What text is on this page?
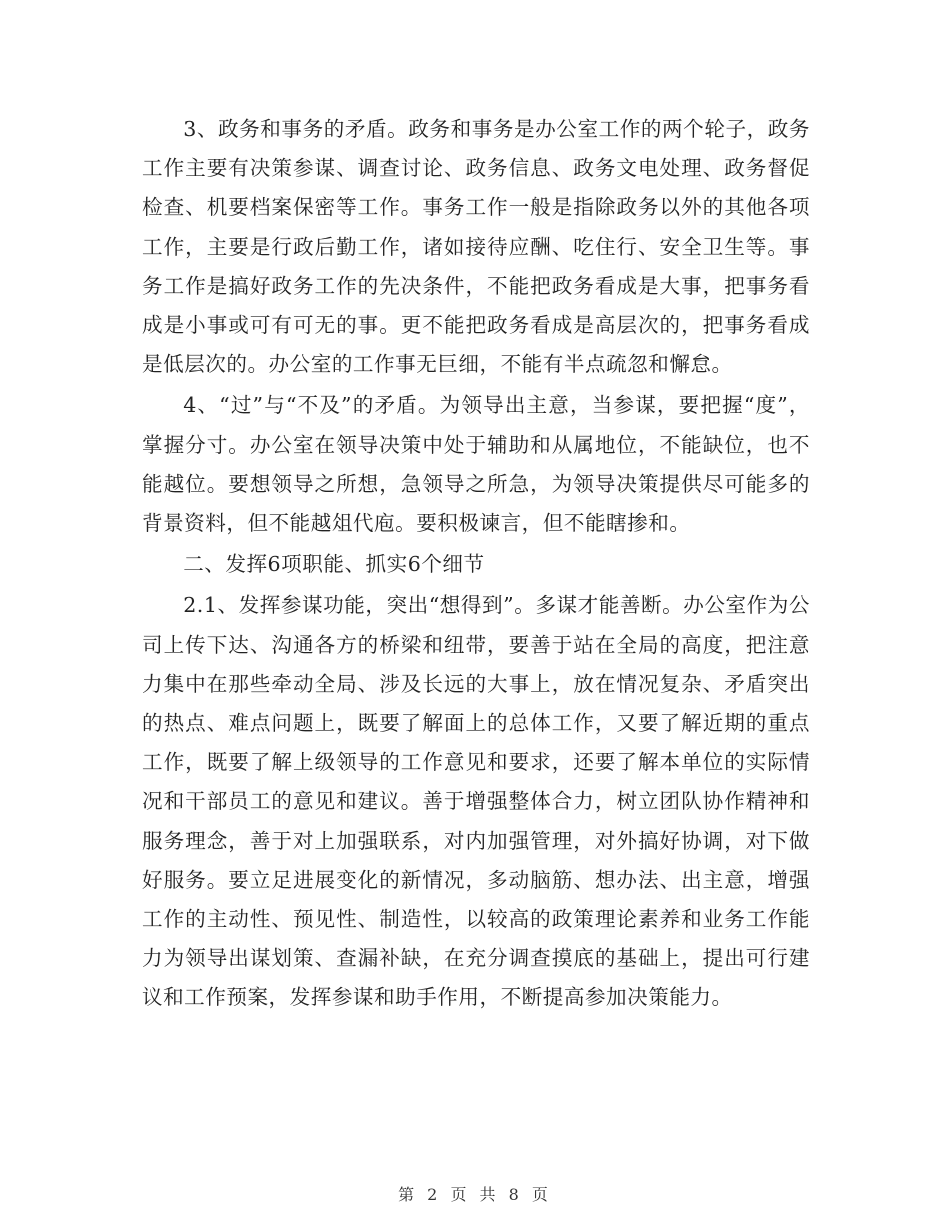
3、政务和事务的矛盾。政务和事务是办公室工作的两个轮子，政务工作主要有决策参谋、调查讨论、政务信息、政务文电处理、政务督促检查、机要档案保密等工作。事务工作一般是指除政务以外的其他各项工作，主要是行政后勤工作，诸如接待应酬、吃住行、安全卫生等。事务工作是搞好政务工作的先决条件，不能把政务看成是大事，把事务看成是小事或可有可无的事。更不能把政务看成是高层次的，把事务看成是低层次的。办公室的工作事无巨细，不能有半点疏忽和懈怠。

4、“过”与“不及”的矛盾。为领导出主意，当参谋，要把握“度”，掌握分寸。办公室在领导决策中处于辅助和从属地位，不能缺位，也不能越位。要想领导之所想，急领导之所急，为领导决策提供尽可能多的背景资料，但不能越俎代庖。要积极谏言，但不能瞎掺和。

二、发挥6项职能、抓实6个细节

2.1、发挥参谋功能，突出“想得到”。多谋才能善断。办公室作为公司上传下达、沟通各方的桥梁和纽带，要善于站在全局的高度，把注意力集中在那些牵动全局、涉及长远的大事上，放在情况复杂、矛盾突出的热点、难点问题上，既要了解面上的总体工作，又要了解近期的重点工作，既要了解上级领导的工作意见和要求，还要了解本单位的实际情况和干部员工的意见和建议。善于增强整体合力，树立团队协作精神和服务理念，善于对上加强联系，对内加强管理，对外搞好协调，对下做好服务。要立足进展变化的新情况，多动脑筋、想办法、出主意，增强工作的主动性、预见性、制造性，以较高的政策理论素养和业务工作能力为领导出谋划策、查漏补缺，在充分调查摸底的基础上，提出可行建议和工作预案，发挥参谋和助手作用，不断提高参加决策能力。

第 2 页 共 8 页
